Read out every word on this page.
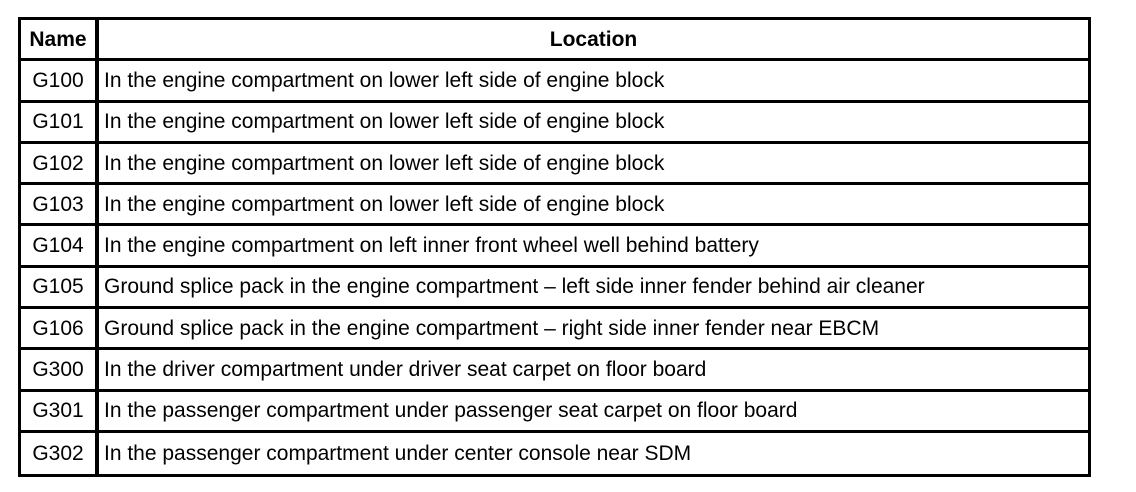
Name	Location
G100	In the engine compartment on lower left side of engine block
G101	In the engine compartment on lower left side of engine block
G102	In the engine compartment on lower left side of engine block
G103	In the engine compartment on lower left side of engine block
G104	In the engine compartment on left inner front wheel well behind battery
G105	Ground splice pack in the engine compartment – left side inner fender behind air cleaner
G106	Ground splice pack in the engine compartment – right side inner fender near EBCM
G300	In the driver compartment under driver seat carpet on floor board
G301	In the passenger compartment under passenger seat carpet on floor board
G302	In the passenger compartment under center console near SDM
